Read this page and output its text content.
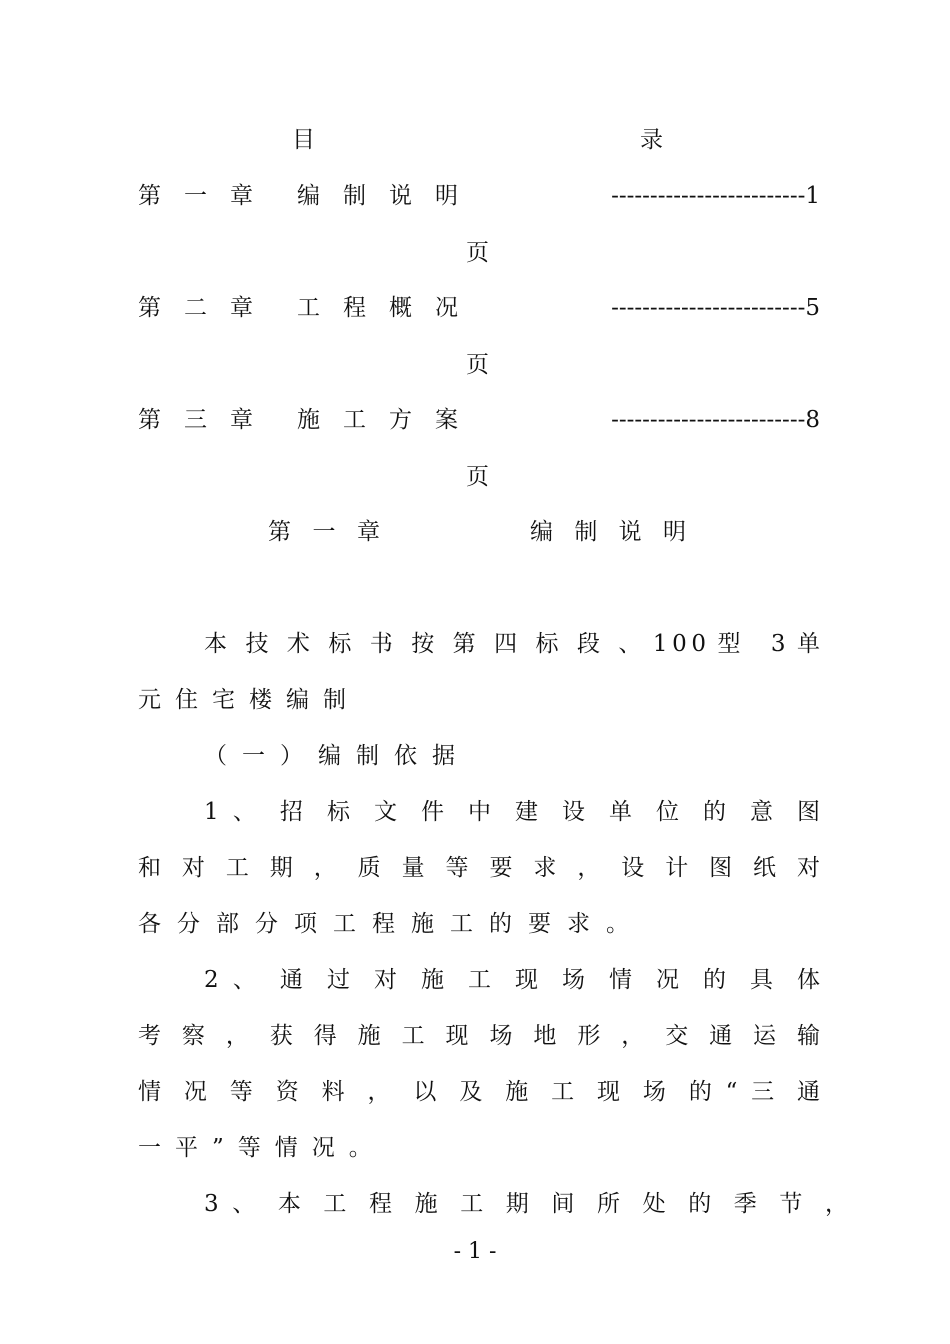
目	录
第 一 章   编 制 说 明	-------------------------1
页
第 二 章   工 程 概 况	-------------------------5
页
第 三 章   施 工 方 案	-------------------------8
页
第 一 章	编 制 说 明
本 技 术 标 书 按 第 四 标 段 、 1 0 0 型   3 单
元住宅楼编制
（一）编制依据
1 、 招 标 文 件 中 建 设 单 位 的 意 图
和 对 工 期 ， 质 量 等 要 求 ， 设 计 图 纸 对
各分部分项工程施工的要求。
2 、 通 过 对 施 工 现 场 情 况 的 具 体
考 察 ， 获 得 施 工 现 场 地 形 ， 交 通 运 输
情 况 等 资 料 ， 以 及 施 工 现 场 的 “ 三 通
一平”等情况。
3 、 本 工 程 施 工 期 间 所 处 的 季 节 ，
- 1 -
